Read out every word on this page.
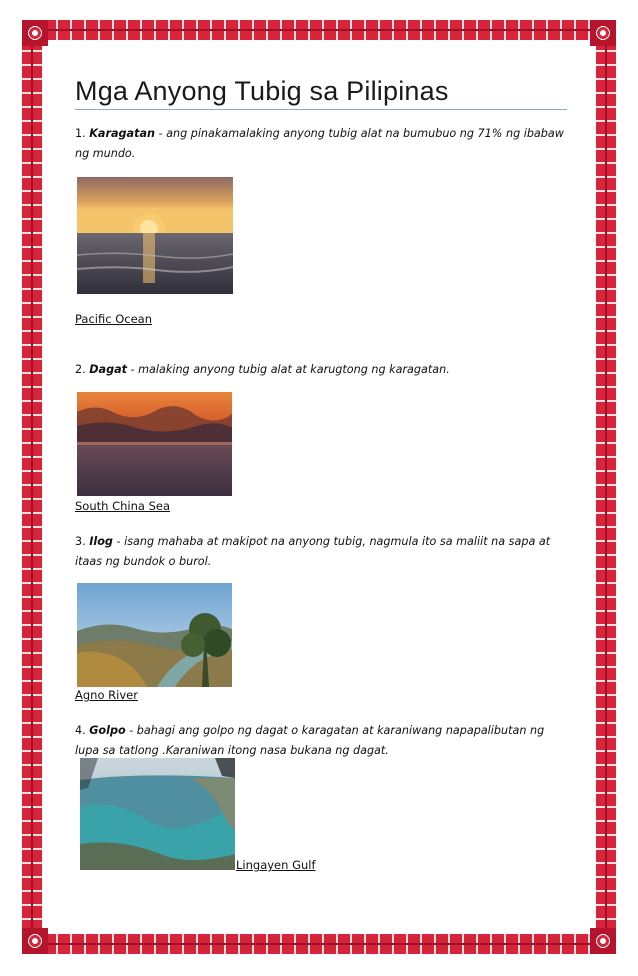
Mga Anyong Tubig sa Pilipinas
1. Karagatan - ang pinakamalaking anyong tubig alat na bumubuo ng 71% ng ibabaw ng mundo.
Pacific Ocean
2. Dagat - malaking anyong tubig alat at karugtong ng karagatan.
South China Sea
3. Ilog - isang mahaba at makipot na anyong tubig, nagmula ito sa maliit na sapa at itaas ng bundok o burol.
Agno River
4. Golpo - bahagi ang golpo ng dagat o karagatan at karaniwang napapalibutan ng lupa sa tatlong .Karaniwan itong nasa bukana ng dagat.
Lingayen Gulf
